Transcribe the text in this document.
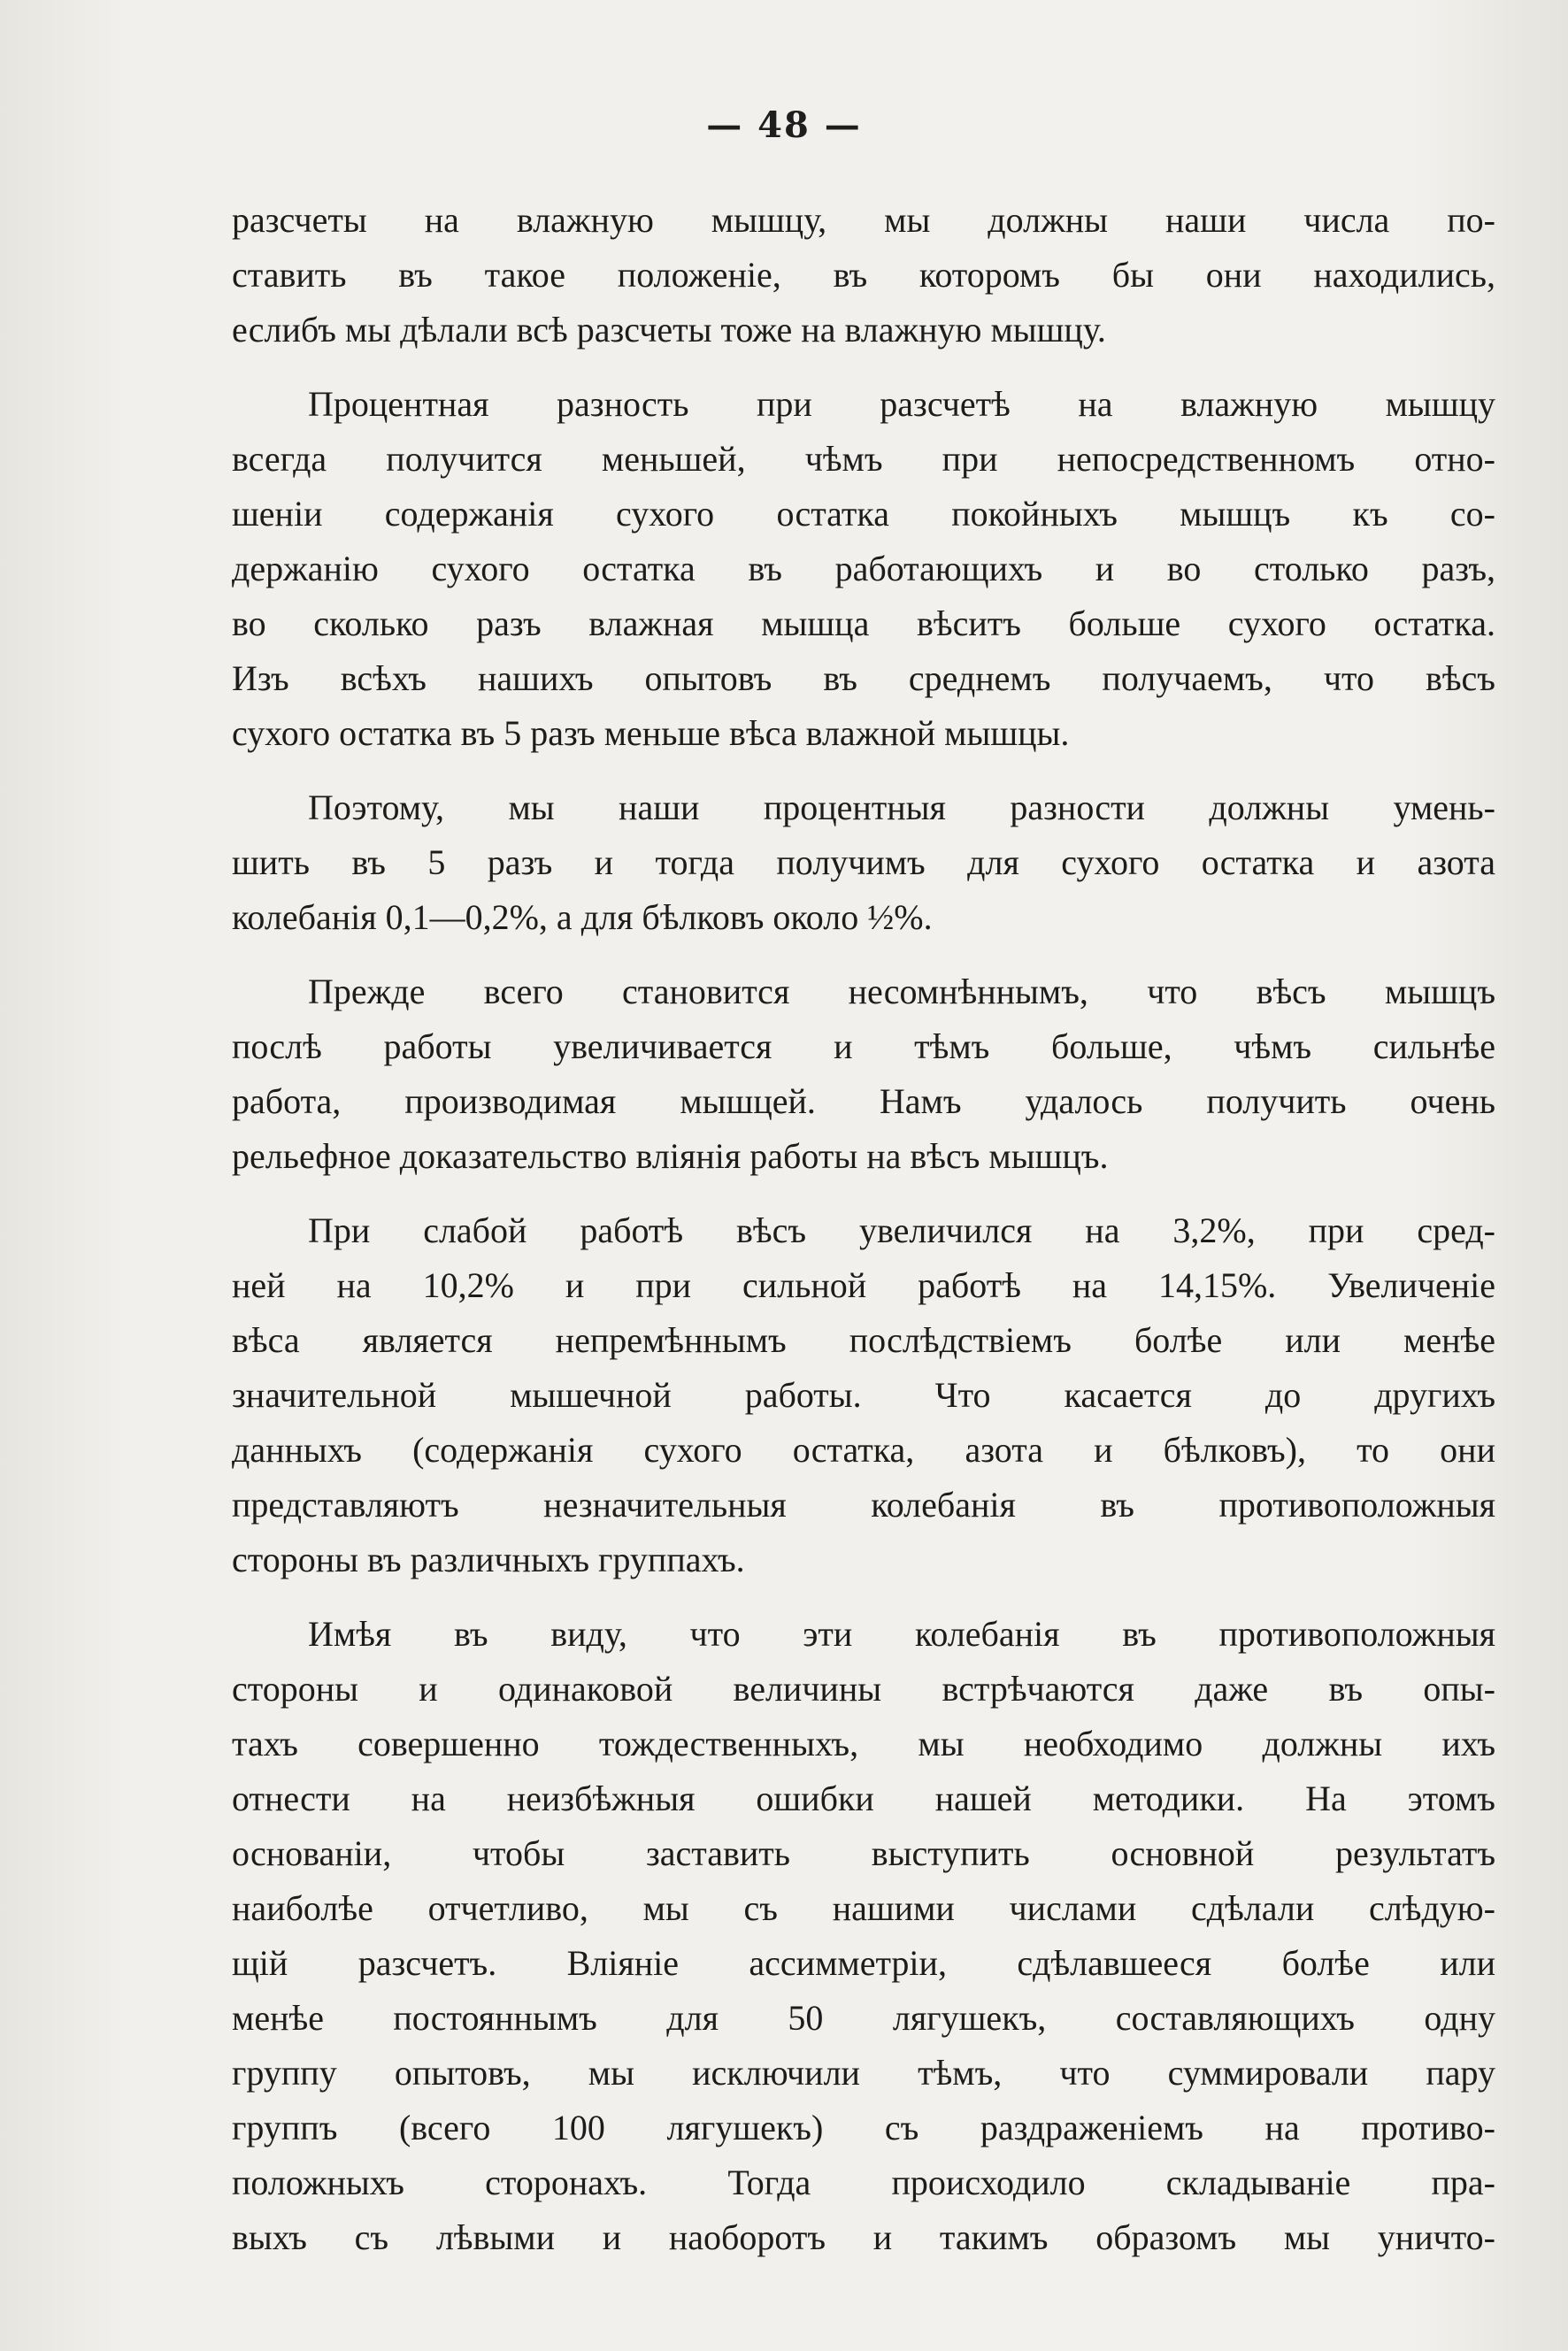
— 48 —
разсчеты на влажную мышцу, мы должны наши числа по-
ставить въ такое положеніе, въ которомъ бы они находились,
еслибъ мы дѣлали всѣ разсчеты тоже на влажную мышцу.
Процентная разность при разсчетѣ на влажную мышцу
всегда получится меньшей, чѣмъ при непосредственномъ отно-
шеніи содержанія сухого остатка покойныхъ мышцъ къ со-
держанію сухого остатка въ работающихъ и во столько разъ,
во сколько разъ влажная мышца вѣситъ больше сухого остатка.
Изъ всѣхъ нашихъ опытовъ въ среднемъ получаемъ, что вѣсъ
сухого остатка въ 5 разъ меньше вѣса влажной мышцы.
Поэтому, мы наши процентныя разности должны умень-
шить въ 5 разъ и тогда получимъ для сухого остатка и азота
колебанія 0,1—0,2%, а для бѣлковъ около ½%.
Прежде всего становится несомнѣннымъ, что вѣсъ мышцъ
послѣ работы увеличивается и тѣмъ больше, чѣмъ сильнѣе
работа, производимая мышцей. Намъ удалось получить очень
рельефное доказательство вліянія работы на вѣсъ мышцъ.
При слабой работѣ вѣсъ увеличился на 3,2%, при сред-
ней на 10,2% и при сильной работѣ на 14,15%. Увеличеніе
вѣса является непремѣннымъ послѣдствіемъ болѣе или менѣе
значительной мышечной работы. Что касается до другихъ
данныхъ (содержанія сухого остатка, азота и бѣлковъ), то они
представляютъ незначительныя колебанія въ противоположныя
стороны въ различныхъ группахъ.
Имѣя въ виду, что эти колебанія въ противоположныя
стороны и одинаковой величины встрѣчаются даже въ опы-
тахъ совершенно тождественныхъ, мы необходимо должны ихъ
отнести на неизбѣжныя ошибки нашей методики. На этомъ
основаніи, чтобы заставить выступить основной результатъ
наиболѣе отчетливо, мы съ нашими числами сдѣлали слѣдую-
щій разсчетъ. Вліяніе ассимметріи, сдѣлавшееся болѣе или
менѣе постояннымъ для 50 лягушекъ, составляющихъ одну
группу опытовъ, мы исключили тѣмъ, что суммировали пару
группъ (всего 100 лягушекъ) съ раздраженіемъ на противо-
положныхъ сторонахъ. Тогда происходило складываніе пра-
выхъ съ лѣвыми и наоборотъ и такимъ образомъ мы уничто-
